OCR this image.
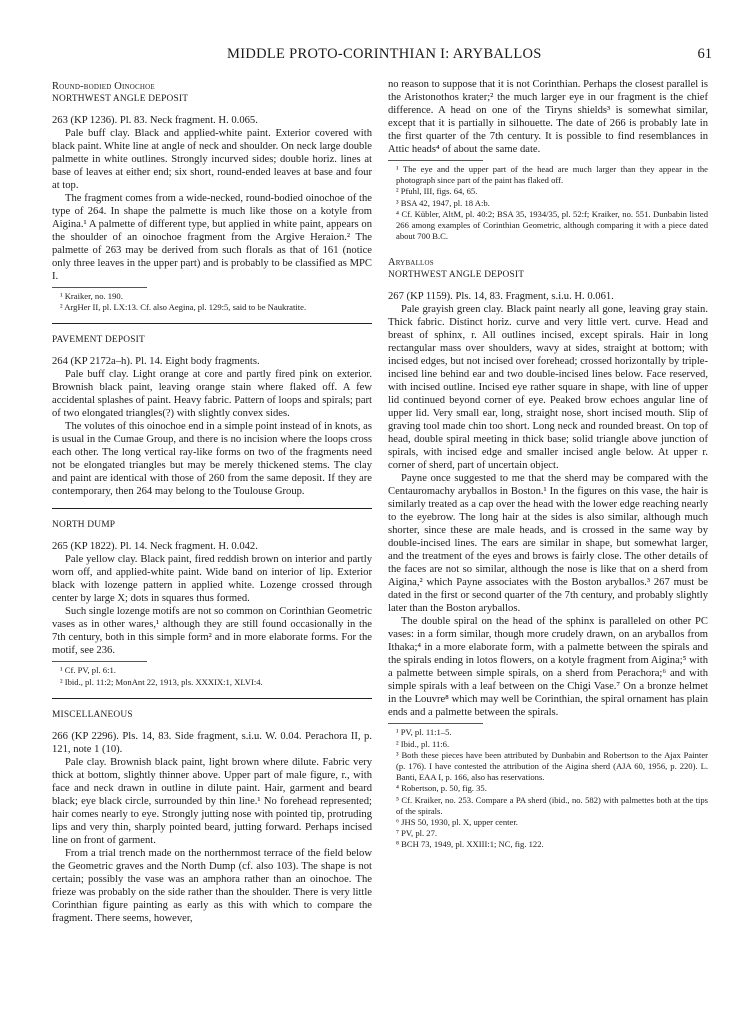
MIDDLE PROTO-CORINTHIAN I: ARYBALLOS	61

Round-bodied Oinochoe

NORTHWEST ANGLE DEPOSIT

263 (KP 1236). Pl. 83. Neck fragment. H. 0.065.

Pale buff clay. Black and applied-white paint. Exterior covered with black paint. White line at angle of neck and shoulder. On neck large double palmette in white outlines. Strongly incurved sides; double horiz. lines at base of leaves at either end; six short, round-ended leaves at base and four at top.

The fragment comes from a wide-necked, round-bodied oinochoe of the type of 264. In shape the palmette is much like those on a kotyle from Aigina.¹ A palmette of different type, but applied in white paint, appears on the shoulder of an oinochoe fragment from the Argive Heraion.² The palmette of 263 may be derived from such florals as that of 161 (notice only three leaves in the upper part) and is probably to be classified as MPC I.

¹ Kraiker, no. 190.

² ArgHer II, pl. LX:13. Cf. also Aegina, pl. 129:5, said to be Naukratite.

PAVEMENT DEPOSIT

264 (KP 2172a–h). Pl. 14. Eight body fragments.

Pale buff clay. Light orange at core and partly fired pink on exterior. Brownish black paint, leaving orange stain where flaked off. A few accidental splashes of paint. Heavy fabric. Pattern of loops and spirals; part of two elongated triangles(?) with slightly convex sides.

The volutes of this oinochoe end in a simple point instead of in knots, as is usual in the Cumae Group, and there is no incision where the loops cross each other. The long vertical ray-like forms on two of the fragments need not be elongated triangles but may be merely thickened stems. The clay and paint are identical with those of 260 from the same deposit. If they are contemporary, then 264 may belong to the Toulouse Group.

NORTH DUMP

265 (KP 1822). Pl. 14. Neck fragment. H. 0.042.

Pale yellow clay. Black paint, fired reddish brown on interior and partly worn off, and applied-white paint. Wide band on interior of lip. Exterior black with lozenge pattern in applied white. Lozenge crossed through center by large X; dots in squares thus formed.

Such single lozenge motifs are not so common on Corinthian Geometric vases as in other wares,¹ although they are still found occasionally in the 7th century, both in this simple form² and in more elaborate forms. For the motif, see 236.

¹ Cf. PV, pl. 6:1.

² Ibid., pl. 11:2; MonAnt 22, 1913, pls. XXXIX:1, XLVI:4.

MISCELLANEOUS

266 (KP 2296). Pls. 14, 83. Side fragment, s.i.u. W. 0.04. Perachora II, p. 121, note 1 (10).

Pale clay. Brownish black paint, light brown where dilute. Fabric very thick at bottom, slightly thinner above. Upper part of male figure, r., with face and neck drawn in outline in dilute paint. Hair, garment and beard black; eye black circle, surrounded by thin line.¹ No forehead represented; hair comes nearly to eye. Strongly jutting nose with pointed tip, protruding lips and very thin, sharply pointed beard, jutting forward. Perhaps incised line on front of garment.

From a trial trench made on the northernmost terrace of the field below the Geometric graves and the North Dump (cf. also 103). The shape is not certain; possibly the vase was an amphora rather than an oinochoe. The frieze was probably on the side rather than the shoulder. There is very little Corinthian figure painting as early as this with which to compare the fragment. There seems, however,

no reason to suppose that it is not Corinthian. Perhaps the closest parallel is the Aristonothos krater;² the much larger eye in our fragment is the chief difference. A head on one of the Tiryns shields³ is somewhat similar, except that it is partially in silhouette. The date of 266 is probably late in the first quarter of the 7th century. It is possible to find resemblances in Attic heads⁴ of about the same date.

¹ The eye and the upper part of the head are much larger than they appear in the photograph since part of the paint has flaked off.

² Pfuhl, III, figs. 64, 65.

³ BSA 42, 1947, pl. 18 A:b.

⁴ Cf. Kübler, AltM, pl. 40:2; BSA 35, 1934/35, pl. 52:f; Kraiker, no. 551. Dunbabin listed 266 among examples of Corinthian Geometric, although comparing it with a piece dated about 700 B.C.

Aryballos

NORTHWEST ANGLE DEPOSIT

267 (KP 1159). Pls. 14, 83. Fragment, s.i.u. H. 0.061.

Pale grayish green clay. Black paint nearly all gone, leaving gray stain. Thick fabric. Distinct horiz. curve and very little vert. curve. Head and breast of sphinx, r. All outlines incised, except spirals. Hair in long rectangular mass over shoulders, wavy at sides, straight at bottom; with incised edges, but not incised over forehead; crossed horizontally by triple-incised line behind ear and two double-incised lines below. Face reserved, with incised outline. Incised eye rather square in shape, with line of upper lid continued beyond corner of eye. Peaked brow echoes angular line of upper lid. Very small ear, long, straight nose, short incised mouth. Slip of graving tool made chin too short. Long neck and rounded breast. On top of head, double spiral meeting in thick base; solid triangle above junction of spirals, with incised edge and smaller incised angle below. At upper r. corner of sherd, part of uncertain object.

Payne once suggested to me that the sherd may be compared with the Centauromachy aryballos in Boston.¹ In the figures on this vase, the hair is similarly treated as a cap over the head with the lower edge reaching nearly to the eyebrow. The long hair at the sides is also similar, although much shorter, since these are male heads, and is crossed in the same way by double-incised lines. The ears are similar in shape, but somewhat larger, and the treatment of the eyes and brows is fairly close. The other details of the faces are not so similar, although the nose is like that on a sherd from Aigina,² which Payne associates with the Boston aryballos.³ 267 must be dated in the first or second quarter of the 7th century, and probably slightly later than the Boston aryballos.

The double spiral on the head of the sphinx is paralleled on other PC vases: in a form similar, though more crudely drawn, on an aryballos from Ithaka;⁴ in a more elaborate form, with a palmette between the spirals and the spirals ending in lotos flowers, on a kotyle fragment from Aigina;⁵ with a palmette between simple spirals, on a sherd from Perachora;⁶ and with simple spirals with a leaf between on the Chigi Vase.⁷ On a bronze helmet in the Louvre⁸ which may well be Corinthian, the spiral ornament has plain ends and a palmette between the spirals.

¹ PV, pl. 11:1–5.

² Ibid., pl. 11:6.

³ Both these pieces have been attributed by Dunbabin and Robertson to the Ajax Painter (p. 176). I have contested the attribution of the Aigina sherd (AJA 60, 1956, p. 220). L. Banti, EAA I, p. 166, also has reservations.

⁴ Robertson, p. 50, fig. 35.

⁵ Cf. Kraiker, no. 253. Compare a PA sherd (ibid., no. 582) with palmettes both at the tips of the spirals.

⁶ JHS 50, 1930, pl. X, upper center.

⁷ PV, pl. 27.

⁸ BCH 73, 1949, pl. XXIII:1; NC, fig. 122.
